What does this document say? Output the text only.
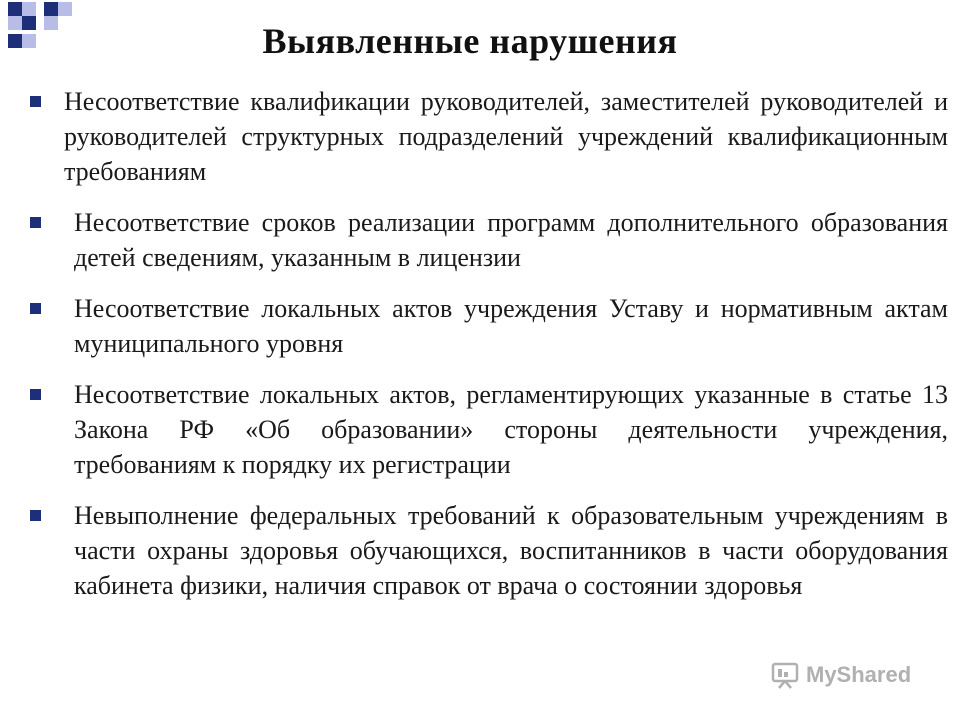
Выявленные нарушения
Несоответствие квалификации руководителей, заместителей руководителей и руководителей структурных подразделений учреждений квалификационным требованиям
Несоответствие сроков реализации программ дополнительного образования детей сведениям, указанным в лицензии
Несоответствие локальных актов учреждения Уставу и нормативным актам муниципального уровня
Несоответствие локальных актов, регламентирующих указанные в статье 13 Закона РФ «Об образовании» стороны деятельности учреждения, требованиям к порядку их регистрации
Невыполнение федеральных требований к образовательным учреждениям в части охраны здоровья обучающихся, воспитанников в части оборудования кабинета физики, наличия справок от врача о состоянии здоровья
MyShared
